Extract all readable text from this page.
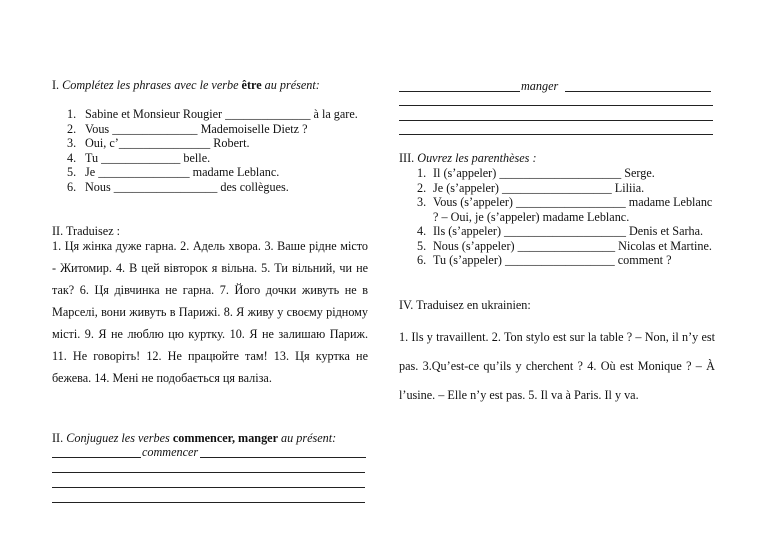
I. Complétez les phrases avec le verbe être au présent:
1. Sabine et Monsieur Rougier ______________ à la gare.
2. Vous ______________ Mademoiselle Dietz ?
3. Oui, c’_______________ Robert.
4. Tu _____________ belle.
5. Je _______________ madame Leblanc.
6. Nous _________________ des collègues.
II. Traduisez :
1. Ця жінка дуже гарна. 2. Адель хвора. 3. Ваше рідне місто - Житомир. 4. В цей вівторок я вільна. 5. Ти вільний, чи не так? 6. Ця дівчинка не гарна. 7. Його дочки живуть не в Марселі, вони живуть в Парижі. 8. Я живу у своєму рідному місті. 9. Я не люблю цю куртку. 10. Я не залишаю Париж. 11. Не говоріть! 12. Не працюйте там! 13. Ця куртка не бежева. 14. Мені не подобається ця валіза.
II. Conjuguez les verbes commencer, manger au présent:
commencer
manger
III. Ouvrez les parenthèses :
1. Il (s’appeler) ____________________ Serge.
2. Je (s’appeler) __________________ Liliia.
3. Vous (s’appeler) __________________ madame Leblanc ? – Oui, je (s’appeler) madame Leblanc.
4. Ils (s’appeler) ____________________ Denis et Sarha.
5. Nous (s’appeler) ________________ Nicolas et Martine.
6. Tu (s’appeler) __________________ comment ?
IV. Traduisez en ukrainien:
1. Ils y travaillent. 2. Ton stylo est sur la table ? – Non, il n’y est pas. 3.Qu’est-ce qu’ils y cherchent ? 4. Où est Monique ? – À l’usine. – Elle n’y est pas. 5. Il va à Paris. Il y va.
